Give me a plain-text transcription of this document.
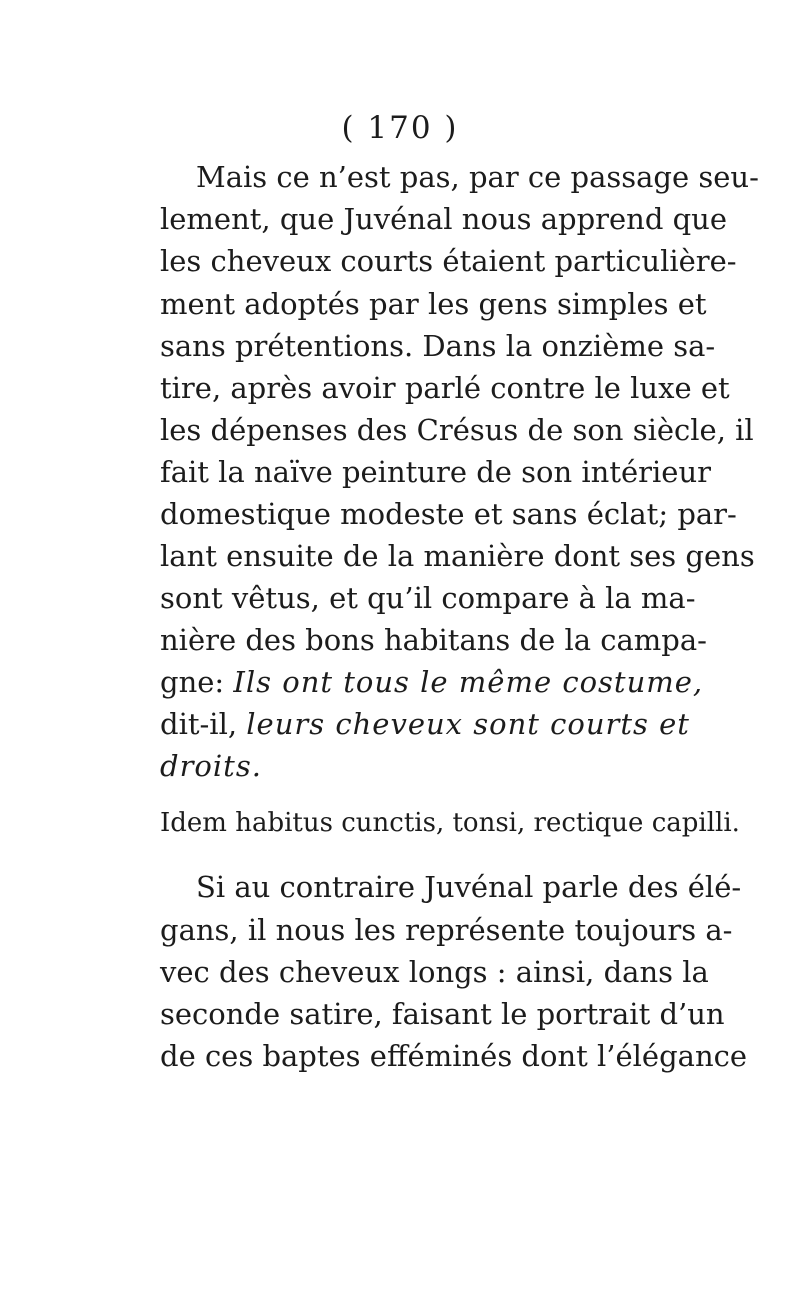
( 170 )
Mais ce n’est pas, par ce passage seu-
lement, que Juvénal nous apprend que
les cheveux courts étaient particulière-
ment adoptés par les gens simples et
sans prétentions. Dans la onzième sa-
tire, après avoir parlé contre le luxe et
les dépenses des Crésus de son siècle, il
fait la naïve peinture de son intérieur
domestique modeste et sans éclat; par-
lant ensuite de la manière dont ses gens
sont vêtus, et qu’il compare à la ma-
nière des bons habitans de la campa-
gne: Ils ont tous le même costume,
dit-il, leurs cheveux sont courts et
droits.
Idem habitus cunctis, tonsi, rectique capilli.
Si au contraire Juvénal parle des élé-
gans, il nous les représente toujours a-
vec des cheveux longs : ainsi, dans la
seconde satire, faisant le portrait d’un
de ces baptes efféminés dont l’élégance
